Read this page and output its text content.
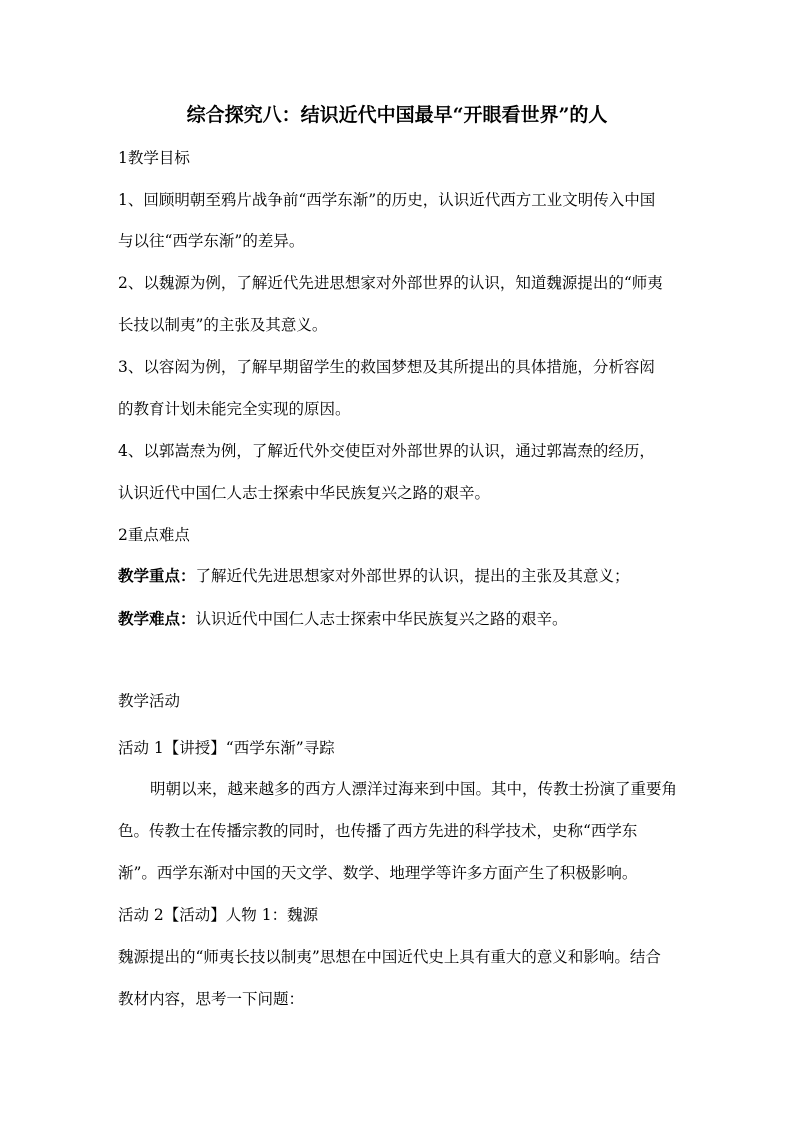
综合探究八：结识近代中国最早“开眼看世界”的人
1教学目标
1、回顾明朝至鸦片战争前“西学东渐”的历史，认识近代西方工业文明传入中国
与以往“西学东渐”的差异。
2、以魏源为例，了解近代先进思想家对外部世界的认识，知道魏源提出的“师夷
长技以制夷”的主张及其意义。
3、以容闳为例，了解早期留学生的救国梦想及其所提出的具体措施，分析容闳
的教育计划未能完全实现的原因。
4、以郭嵩焘为例，了解近代外交使臣对外部世界的认识，通过郭嵩焘的经历，
认识近代中国仁人志士探索中华民族复兴之路的艰辛。
2重点难点
教学重点：了解近代先进思想家对外部世界的认识，提出的主张及其意义；
教学难点：认识近代中国仁人志士探索中华民族复兴之路的艰辛。
教学活动
活动 1【讲授】“西学东渐”寻踪
明朝以来，越来越多的西方人漂洋过海来到中国。其中，传教士扮演了重要角
色。传教士在传播宗教的同时，也传播了西方先进的科学技术，史称“西学东
渐”。西学东渐对中国的天文学、数学、地理学等许多方面产生了积极影响。
活动 2【活动】人物 1：魏源
魏源提出的“师夷长技以制夷”思想在中国近代史上具有重大的意义和影响。结合
教材内容，思考一下问题：
